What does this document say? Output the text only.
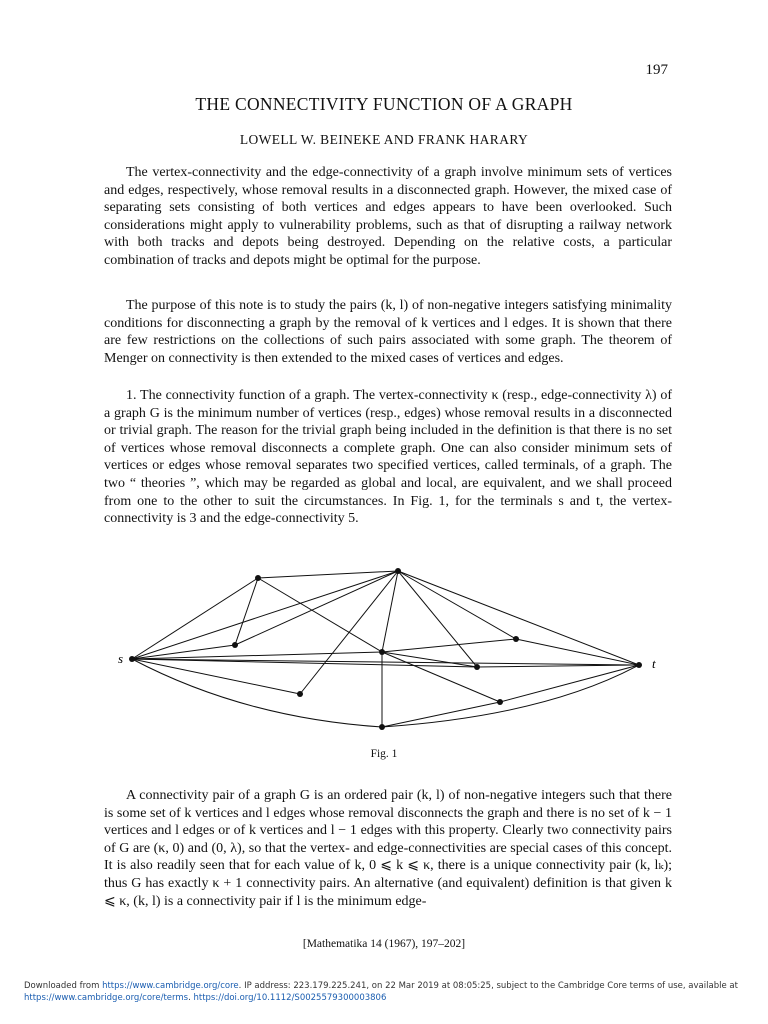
197
THE CONNECTIVITY FUNCTION OF A GRAPH
LOWELL W. BEINEKE AND FRANK HARARY

The vertex-connectivity and the edge-connectivity of a graph involve minimum sets of vertices and edges, respectively, whose removal results in a disconnected graph. However, the mixed case of separating sets consisting of both vertices and edges appears to have been overlooked. Such considerations might apply to vulnerability problems, such as that of disrupting a railway network with both tracks and depots being destroyed. Depending on the relative costs, a particular combination of tracks and depots might be optimal for the purpose.

The purpose of this note is to study the pairs (k, l) of non-negative integers satisfying minimality conditions for disconnecting a graph by the removal of k vertices and l edges. It is shown that there are few restrictions on the collections of such pairs associated with some graph. The theorem of Menger on connectivity is then extended to the mixed cases of vertices and edges.

1. The connectivity function of a graph. The vertex-connectivity κ (resp., edge-connectivity λ) of a graph G is the minimum number of vertices (resp., edges) whose removal results in a disconnected or trivial graph. The reason for the trivial graph being included in the definition is that there is no set of vertices whose removal disconnects a complete graph. One can also consider minimum sets of vertices or edges whose removal separates two specified vertices, called terminals, of a graph. The two “ theories ”, which may be regarded as global and local, are equivalent, and we shall proceed from one to the other to suit the circumstances. In Fig. 1, for the terminals s and t, the vertex-connectivity is 3 and the edge-connectivity 5.

s	t
Fig. 1

A connectivity pair of a graph G is an ordered pair (k, l) of non-negative integers such that there is some set of k vertices and l edges whose removal disconnects the graph and there is no set of k − 1 vertices and l edges or of k vertices and l − 1 edges with this property. Clearly two connectivity pairs of G are (κ, 0) and (0, λ), so that the vertex- and edge-connectivities are special cases of this concept. It is also readily seen that for each value of k, 0 ⩽ k ⩽ κ, there is a unique connectivity pair (k, lₖ); thus G has exactly κ + 1 connectivity pairs. An alternative (and equivalent) definition is that given k ⩽ κ, (k, l) is a connectivity pair if l is the minimum edge-

[Mathematika 14 (1967), 197–202]
Downloaded from https://www.cambridge.org/core. IP address: 223.179.225.241, on 22 Mar 2019 at 08:05:25, subject to the Cambridge Core terms of use, available at https://www.cambridge.org/core/terms. https://doi.org/10.1112/S0025579300003806
